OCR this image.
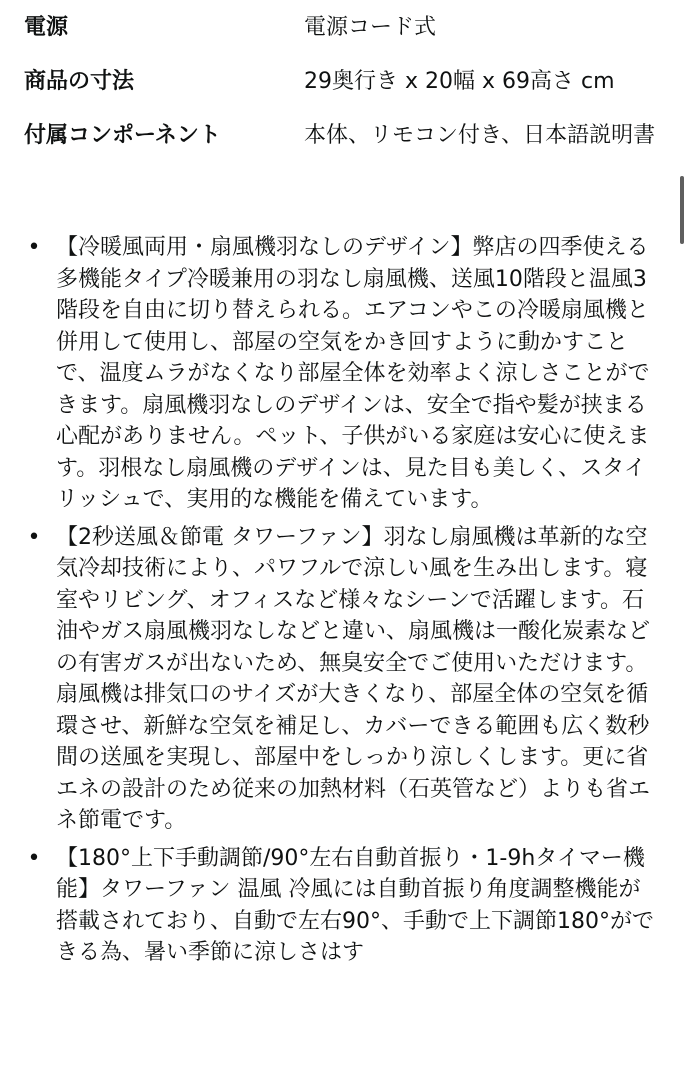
電源	電源コード式
商品の寸法	29奥行き x 20幅 x 69高さ cm
付属コンポーネント	本体、リモコン付き、日本語説明書
• 【冷暖風両用・扇風機羽なしのデザイン】弊店の四季使える多機能タイプ冷暖兼用の羽なし扇風機、送風10階段と温風3階段を自由に切り替えられる。エアコンやこの冷暖扇風機と併用して使用し、部屋の空気をかき回すように動かすことで、温度ムラがなくなり部屋全体を効率よく涼しさことができます。扇風機羽なしのデザインは、安全で指や髪が挟まる心配がありません。ペット、子供がいる家庭は安心に使えます。羽根なし扇風機のデザインは、見た目も美しく、スタイリッシュで、実用的な機能を備えています。
• 【2秒送風＆節電 タワーファン】羽なし扇風機は革新的な空気冷却技術により、パワフルで涼しい風を生み出します。寝室やリビング、オフィスなど様々なシーンで活躍します。石油やガス扇風機羽なしなどと違い、扇風機は一酸化炭素などの有害ガスが出ないため、無臭安全でご使用いただけます。扇風機は排気口のサイズが大きくなり、部屋全体の空気を循環させ、新鮮な空気を補足し、カバーできる範囲も広く数秒間の送風を実現し、部屋中をしっかり涼しくします。更に省エネの設計のため従来の加熱材料（石英管など）よりも省エネ節電です。
• 【180°上下手動調節/90°左右自動首振り・1-9hタイマー機能】タワーファン 温風 冷風には自動首振り角度調整機能が搭載されており、自動で左右90°、手動で上下調節180°ができる為、暑い季節に涼しさはす
